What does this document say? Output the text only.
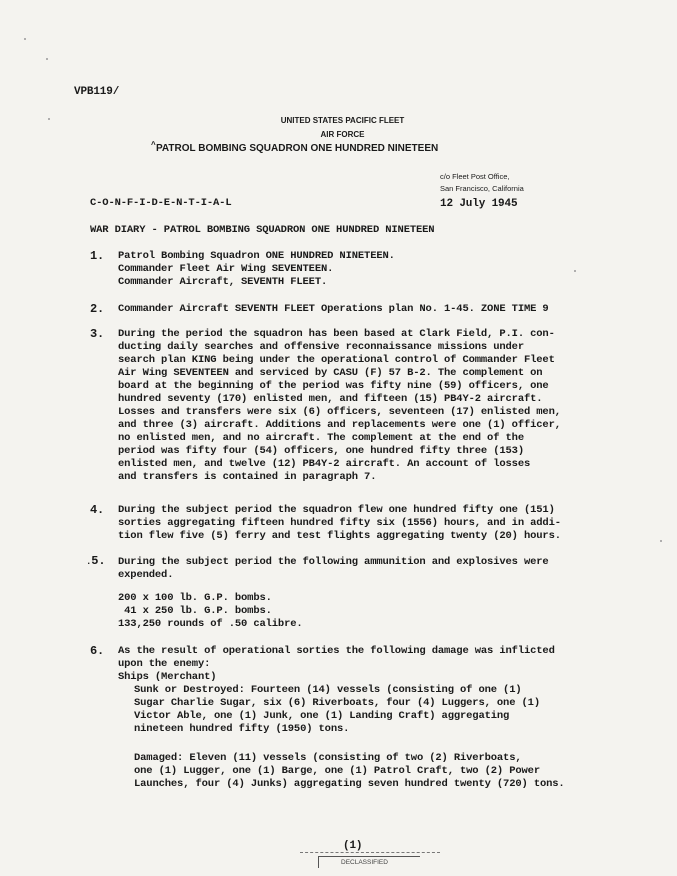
VPB119/
UNITED STATES PACIFIC FLEET
AIR FORCE
^ PATROL BOMBING SQUADRON ONE HUNDRED NINETEEN
c/o Fleet Post Office,
San Francisco, California
C-O-N-F-I-D-E-N-T-I-A-L	12 July 1945
WAR DIARY - PATROL BOMBING SQUADRON ONE HUNDRED NINETEEN
1. Patrol Bombing Squadron ONE HUNDRED NINETEEN.
Commander Fleet Air Wing SEVENTEEN.
Commander Aircraft, SEVENTH FLEET.
2. Commander Aircraft SEVENTH FLEET Operations plan No. 1-45. ZONE TIME 9
3. During the period the squadron has been based at Clark Field, P.I. con-
ducting daily searches and offensive reconnaissance missions under
search plan KING being under the operational control of Commander Fleet
Air Wing SEVENTEEN and serviced by CASU (F) 57 B-2. The complement on
board at the beginning of the period was fifty nine (59) officers, one
hundred seventy (170) enlisted men, and fifteen (15) PB4Y-2 aircraft.
Losses and transfers were six (6) officers, seventeen (17) enlisted men,
and three (3) aircraft. Additions and replacements were one (1) officer,
no enlisted men, and no aircraft. The complement at the end of the
period was fifty four (54) officers, one hundred fifty three (153)
enlisted men, and twelve (12) PB4Y-2 aircraft. An account of losses
and transfers is contained in paragraph 7.
4. During the subject period the squadron flew one hundred fifty one (151)
sorties aggregating fifteen hundred fifty six (1556) hours, and in addi-
tion flew five (5) ferry and test flights aggregating twenty (20) hours.
.5. During the subject period the following ammunition and explosives were
expended.
200 x 100 lb. G.P. bombs.
41 x 250 lb. G.P. bombs.
133,250 rounds of .50 calibre.
6. As the result of operational sorties the following damage was inflicted
upon the enemy:
Ships (Merchant)
Sunk or Destroyed: Fourteen (14) vessels (consisting of one (1)
Sugar Charlie Sugar, six (6) Riverboats, four (4) Luggers, one (1)
Victor Able, one (1) Junk, one (1) Landing Craft) aggregating
nineteen hundred fifty (1950) tons.
Damaged: Eleven (11) vessels (consisting of two (2) Riverboats,
one (1) Lugger, one (1) Barge, one (1) Patrol Craft, two (2) Power
Launches, four (4) Junks) aggregating seven hundred twenty (720) tons.
(1)
DECLASSIFIED
